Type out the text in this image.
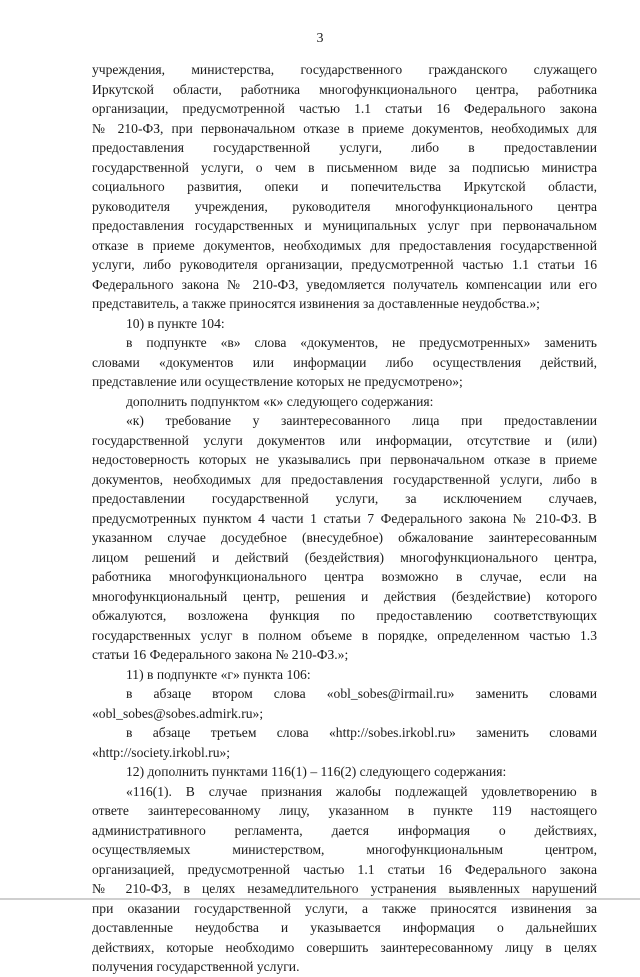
3
учреждения, министерства, государственного гражданского служащего
Иркутской области, работника многофункционального центра, работника
организации, предусмотренной частью 1.1 статьи 16 Федерального закона
№ 210-ФЗ, при первоначальном отказе в приеме документов, необходимых для
предоставления государственной услуги, либо в предоставлении
государственной услуги, о чем в письменном виде за подписью министра
социального развития, опеки и попечительства Иркутской области,
руководителя учреждения, руководителя многофункционального центра
предоставления государственных и муниципальных услуг при первоначальном
отказе в приеме документов, необходимых для предоставления государственной
услуги, либо руководителя организации, предусмотренной частью 1.1 статьи 16
Федерального закона № 210-ФЗ, уведомляется получатель компенсации или его
представитель, а также приносятся извинения за доставленные неудобства.»;
10) в пункте 104:
в подпункте «в» слова «документов, не предусмотренных» заменить
словами «документов или информации либо осуществления действий,
представление или осуществление которых не предусмотрено»;
дополнить подпунктом «к» следующего содержания:
«к) требование у заинтересованного лица при предоставлении
государственной услуги документов или информации, отсутствие и (или)
недостоверность которых не указывались при первоначальном отказе в приеме
документов, необходимых для предоставления государственной услуги, либо в
предоставлении государственной услуги, за исключением случаев,
предусмотренных пунктом 4 части 1 статьи 7 Федерального закона № 210-ФЗ. В
указанном случае досудебное (внесудебное) обжалование заинтересованным
лицом решений и действий (бездействия) многофункционального центра,
работника многофункционального центра возможно в случае, если на
многофункциональный центр, решения и действия (бездействие) которого
обжалуются, возложена функция по предоставлению соответствующих
государственных услуг в полном объеме в порядке, определенном частью 1.3
статьи 16 Федерального закона № 210-ФЗ.»;
11) в подпункте «г» пункта 106:
в абзаце втором слова «obl_sobes@irmail.ru» заменить словами
«obl_sobes@sobes.admirk.ru»;
в абзаце третьем слова «http://sobes.irkobl.ru» заменить словами
«http://society.irkobl.ru»;
12) дополнить пунктами 116(1) – 116(2) следующего содержания:
«116(1). В случае признания жалобы подлежащей удовлетворению в
ответе заинтересованному лицу, указанном в пункте 119 настоящего
административного регламента, дается информация о действиях,
осуществляемых министерством, многофункциональным центром,
организацией, предусмотренной частью 1.1 статьи 16 Федерального закона
№ 210-ФЗ, в целях незамедлительного устранения выявленных нарушений
при оказании государственной услуги, а также приносятся извинения за
доставленные неудобства и указывается информация о дальнейших
действиях, которые необходимо совершить заинтересованному лицу в целях
получения государственной услуги.
